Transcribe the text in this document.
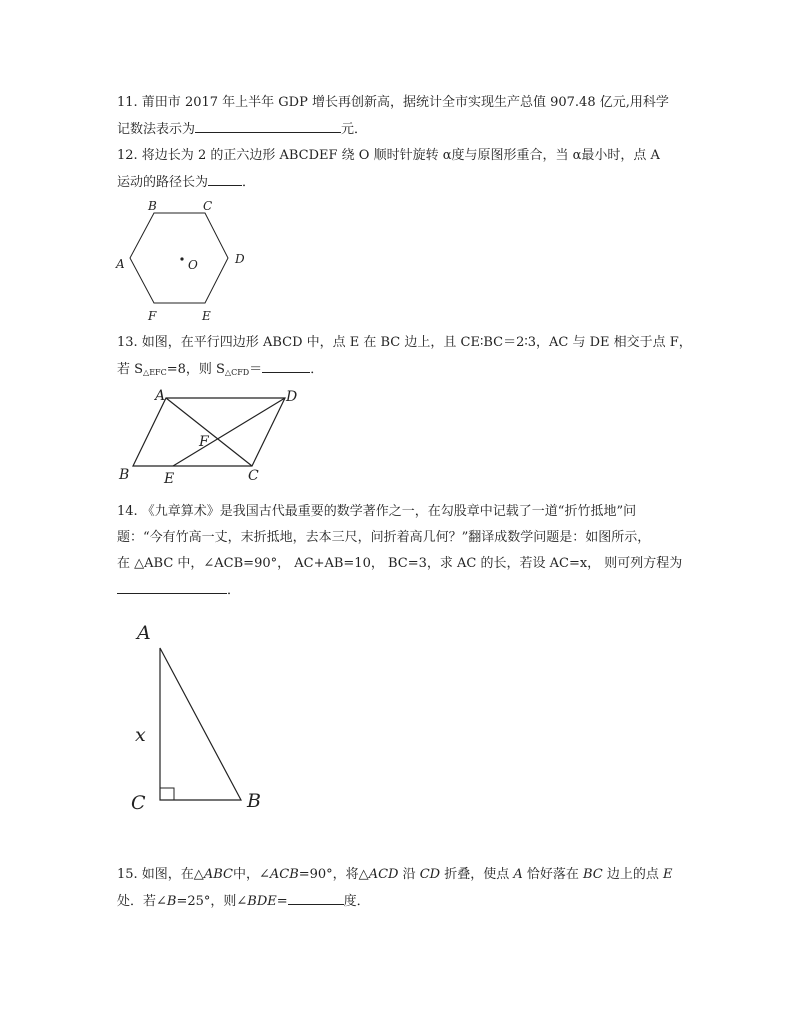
11. 莆田市 2017 年上半年 GDP 增长再创新高，据统计全市实现生产总值 907.48 亿元,用科学
记数法表示为	元．
12. 将边长为 2 的正六边形 ABCDEF 绕 O 顺时针旋转 α度与原图形重合，当 α最小时，点 A
运动的路径长为	．
A
B	C
D
E
F
O
13. 如图，在平行四边形 ABCD 中，点 E 在 BC 边上，且 CE∶BC＝2∶3，AC 与 DE 相交于点 F，
若 $S_{\triangle EFC}=8$，则 $S_{\triangle CFD}=$	．
A	D
F
B E	C
14. 《九章算术》是我国古代最重要的数学著作之一，在勾股章中记载了一道“折竹抵地”问
题：“今有竹高一丈，末折抵地，去本三尺，问折着高几何？”翻译成数学问题是：如图所示，
在 △ABC 中，∠ACB=90°， AC+AB=10， BC=3，求 AC 的长，若设 AC=x， 则可列方程为
．
A
x
C	B
15. 如图，在△ABC中，∠ACB=90°，将△ACD 沿 CD 折叠，使点 A 恰好落在 BC 边上的点 E
处．若∠B=25°，则∠BDE=	度．
